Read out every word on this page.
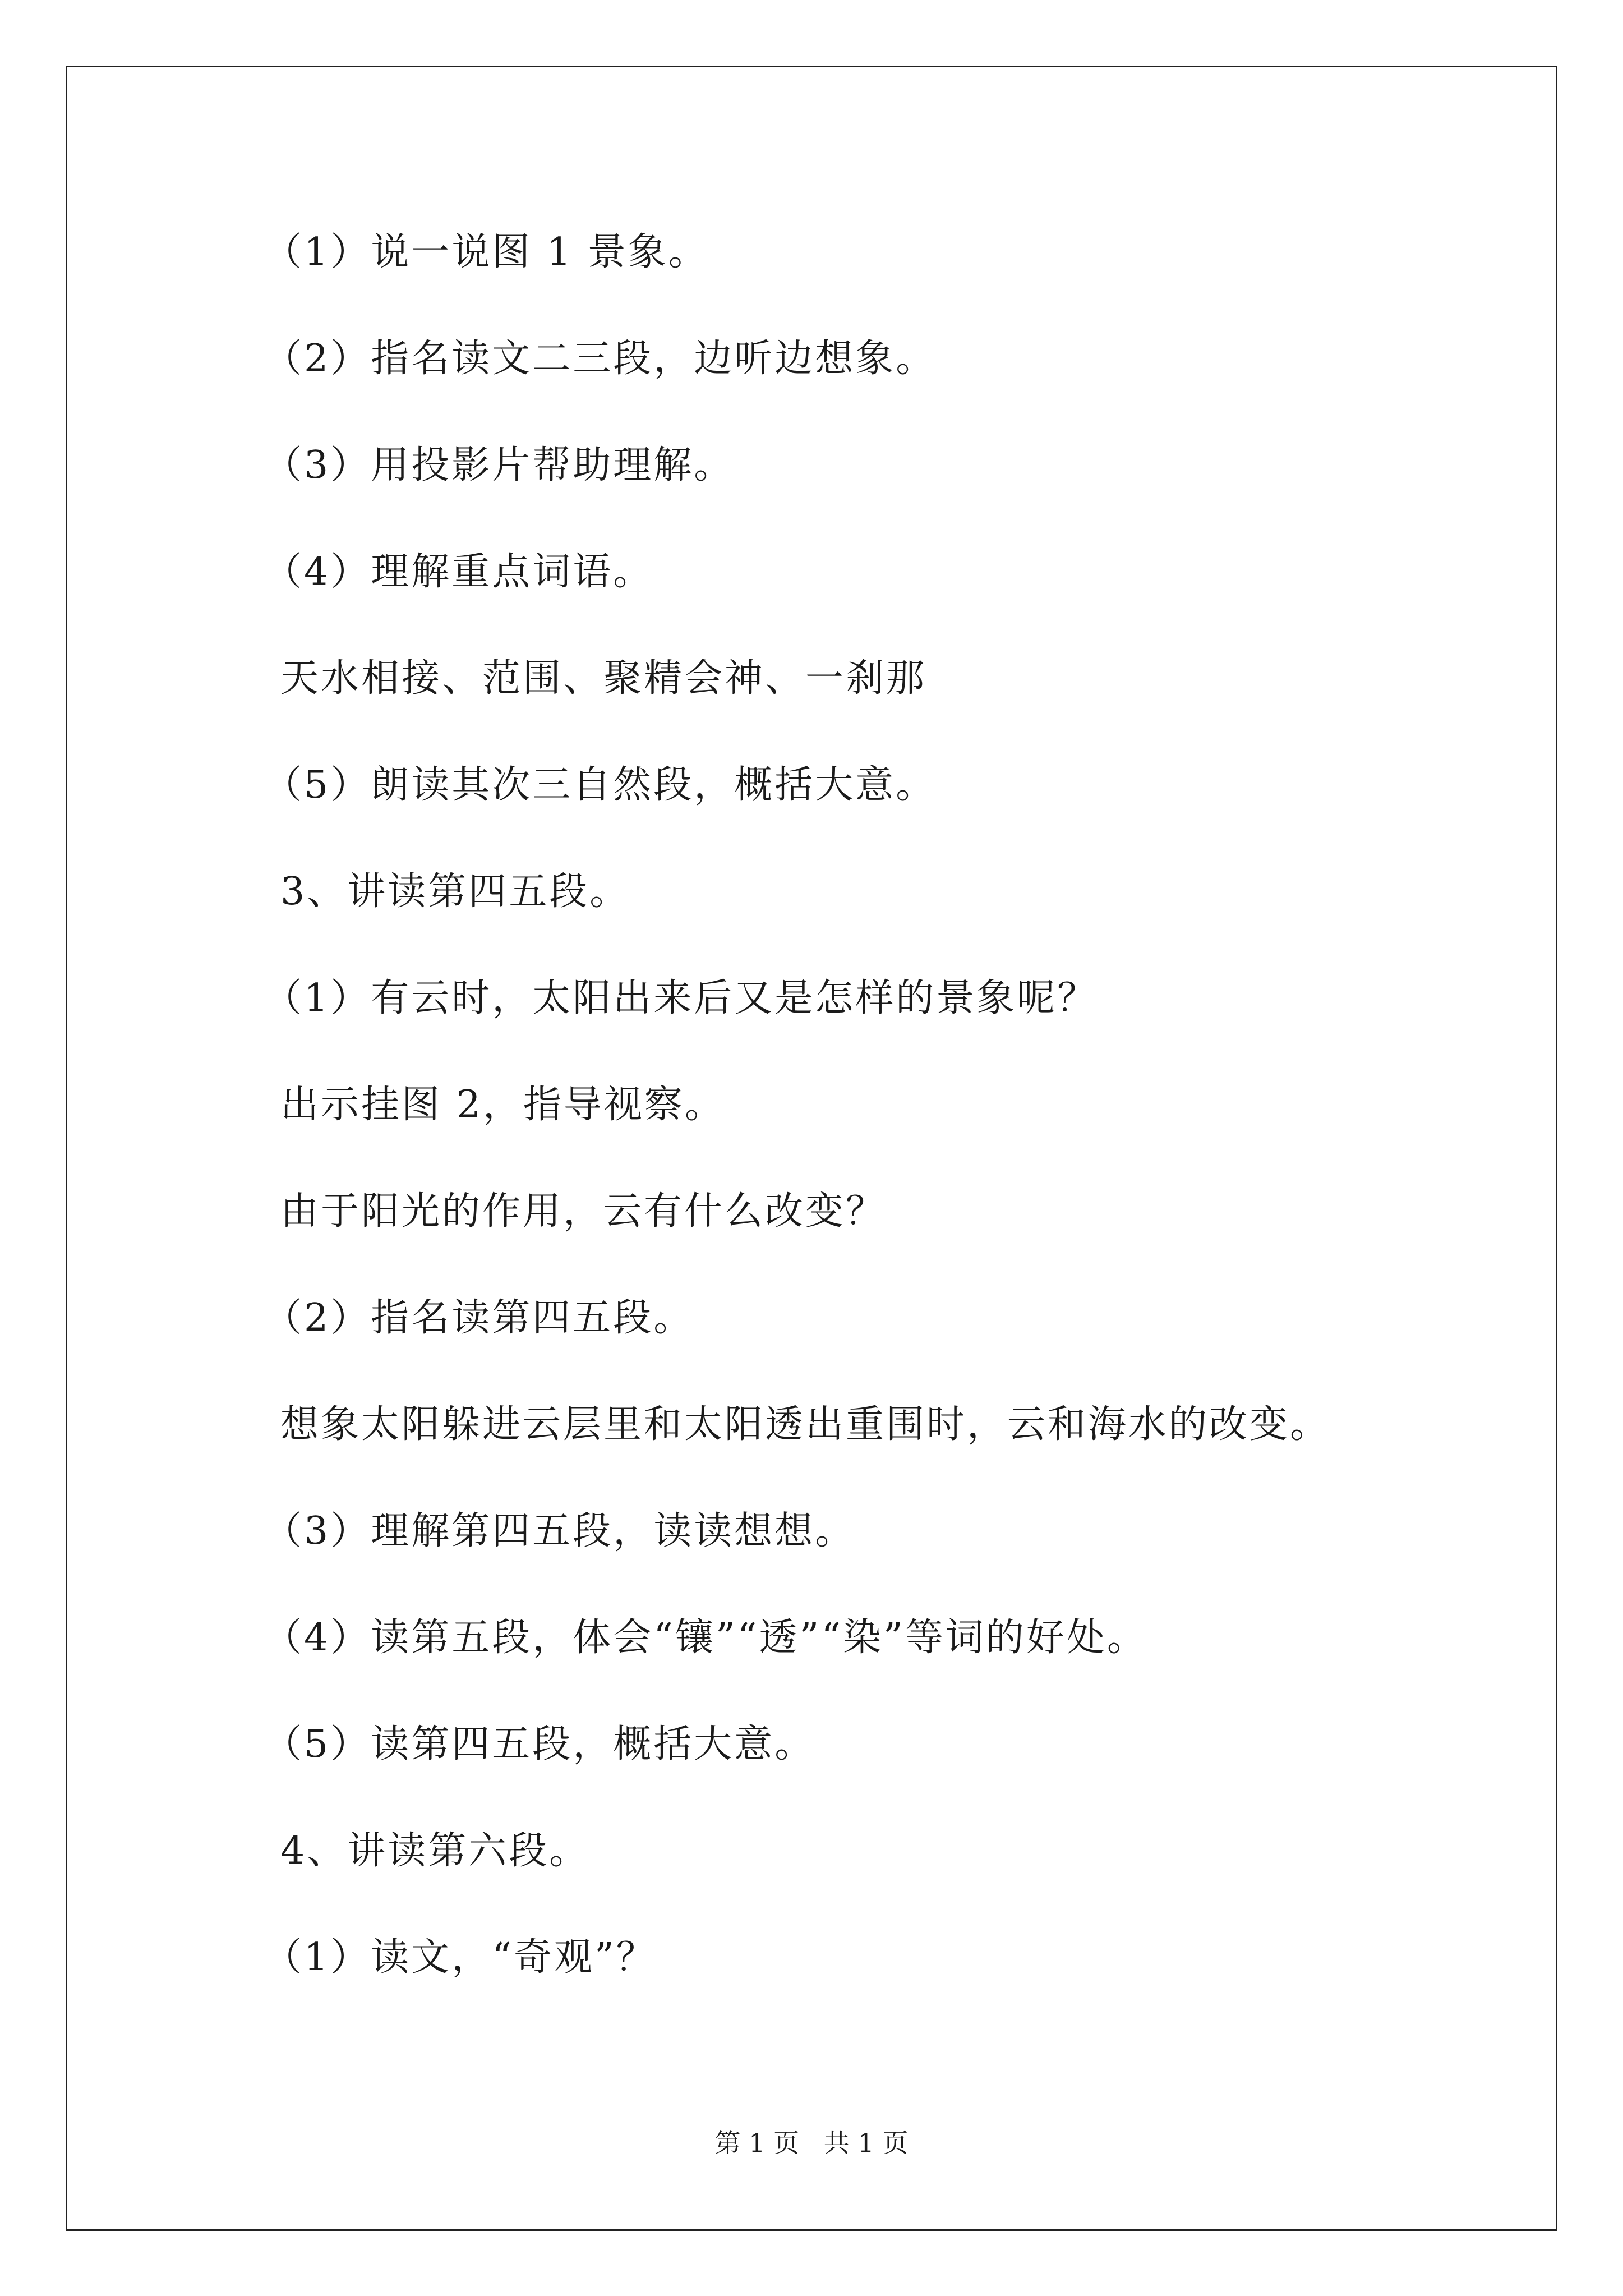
（1）说一说图 1 景象。
（2）指名读文二三段，边听边想象。
（3）用投影片帮助理解。
（4）理解重点词语。
天水相接、范围、聚精会神、一刹那
（5）朗读其次三自然段，概括大意。
3、讲读第四五段。
（1）有云时，太阳出来后又是怎样的景象呢？
出示挂图 2，指导视察。
由于阳光的作用，云有什么改变？
（2）指名读第四五段。
想象太阳躲进云层里和太阳透出重围时，云和海水的改变。
（3）理解第四五段，读读想想。
（4）读第五段，体会“镶”“透”“染”等词的好处。
（5）读第四五段，概括大意。
4、讲读第六段。
（1）读文，“奇观”？
第 1 页   共 1 页
